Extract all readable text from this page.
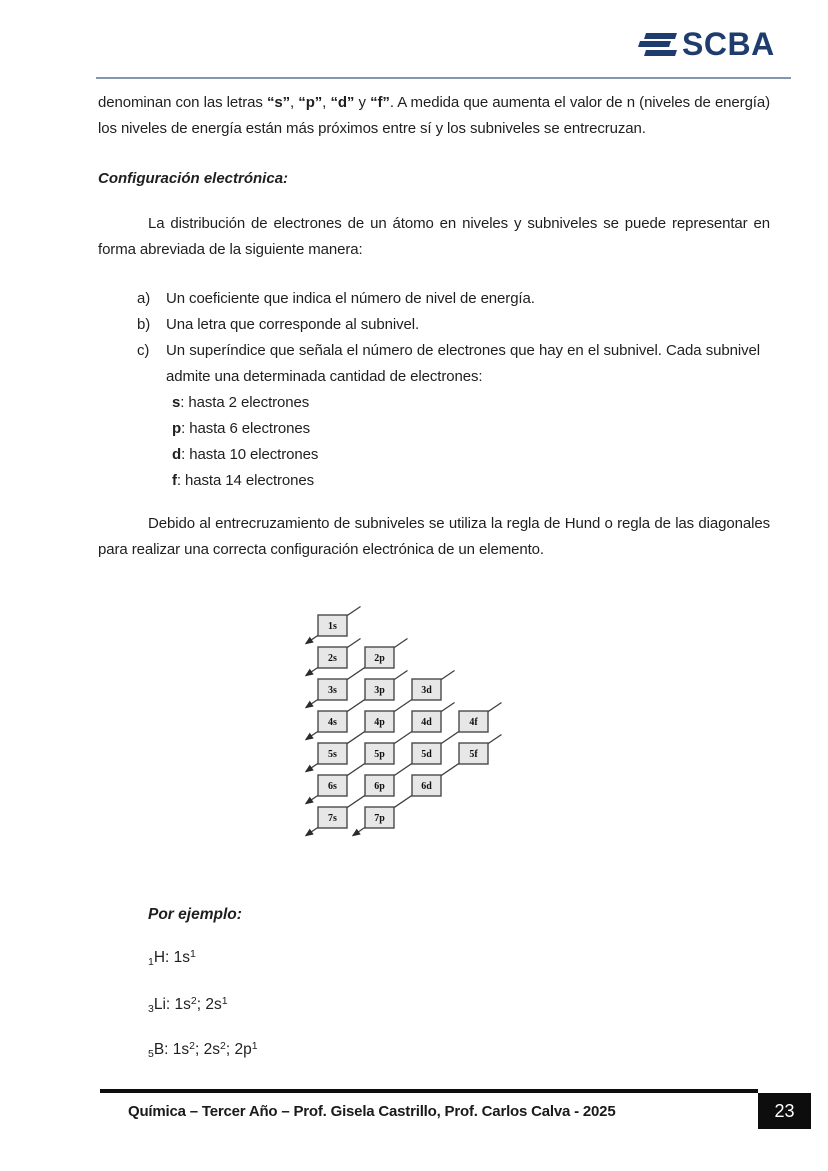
SCBA
denominan con las letras “s”, “p”, “d” y “f”. A medida que aumenta el valor de n (niveles de energía) los niveles de energía están más próximos entre sí y los subniveles se entrecruzan.
Configuración electrónica:
La distribución de electrones de un átomo en niveles y subniveles se puede representar en forma abreviada de la siguiente manera:
a) Un coeficiente que indica el número de nivel de energía.
b) Una letra que corresponde al subnivel.
c) Un superíndice que señala el número de electrones que hay en el subnivel. Cada subnivel admite una determinada cantidad de electrones:
s: hasta 2 electrones
p: hasta 6 electrones
d: hasta 10 electrones
f: hasta 14 electrones
Debido al entrecruzamiento de subniveles se utiliza la regla de Hund o regla de las diagonales para realizar una correcta configuración electrónica de un elemento.
1s
2s	2p
3s	3p	3d
4s	4p	4d	4f
5s	5p	5d	5f
6s	6p	6d
7s	7p
Por ejemplo:
$_1$H: $1s^1$
$_3$Li: $1s^2$; $2s^1$
$_5$B: $1s^2$; $2s^2$; $2p^1$
Química – Tercer Año – Prof. Gisela Castrillo, Prof. Carlos Calva - 2025	23
